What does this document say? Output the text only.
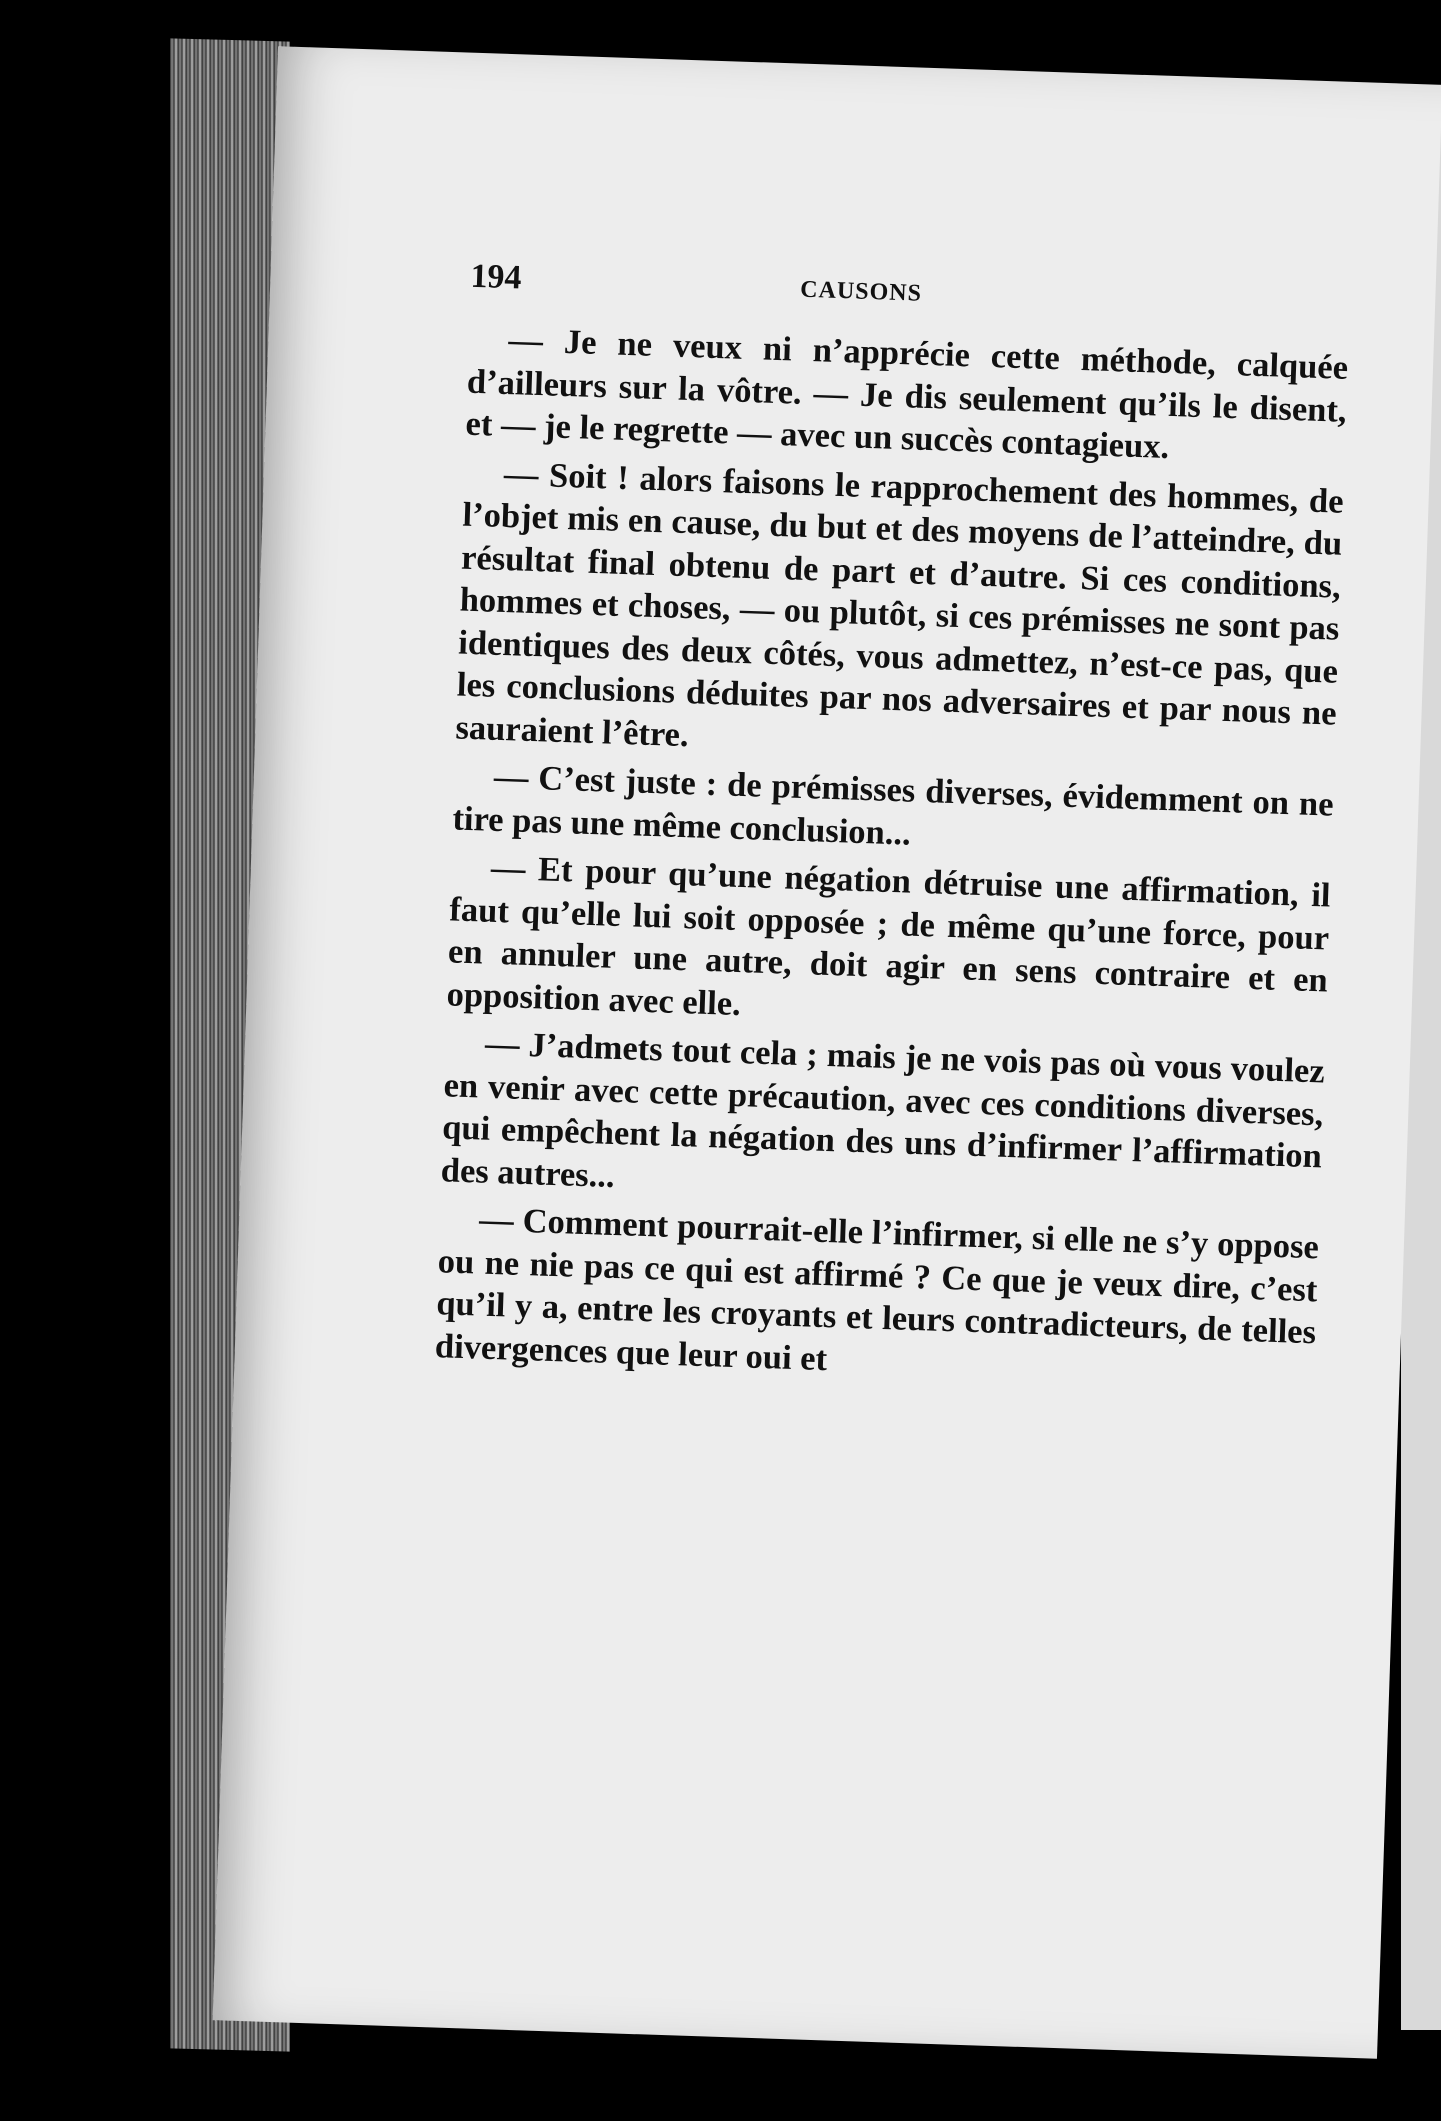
194	CAUSONS

— Je ne veux ni n’apprécie cette méthode, calquée d’ailleurs sur la vôtre. — Je dis seulement qu’ils le disent, et — je le regrette — avec un succès contagieux.

— Soit ! alors faisons le rapprochement des hommes, de l’objet mis en cause, du but et des moyens de l’atteindre, du résultat final obtenu de part et d’autre. Si ces conditions, hommes et choses, — ou plutôt, si ces prémisses ne sont pas identiques des deux côtés, vous admettez, n’est-ce pas, que les conclusions déduites par nos adversaires et par nous ne sauraient l’être.

— C’est juste : de prémisses diverses, évidemment on ne tire pas une même conclusion...

— Et pour qu’une négation détruise une affirmation, il faut qu’elle lui soit opposée ; de même qu’une force, pour en annuler une autre, doit agir en sens contraire et en opposition avec elle.

— J’admets tout cela ; mais je ne vois pas où vous voulez en venir avec cette précaution, avec ces conditions diverses, qui empêchent la négation des uns d’infirmer l’affirmation des autres...

— Comment pourrait-elle l’infirmer, si elle ne s’y oppose ou ne nie pas ce qui est affirmé ? Ce que je veux dire, c’est qu’il y a, entre les croyants et leurs contradicteurs, de telles divergences que leur oui et
